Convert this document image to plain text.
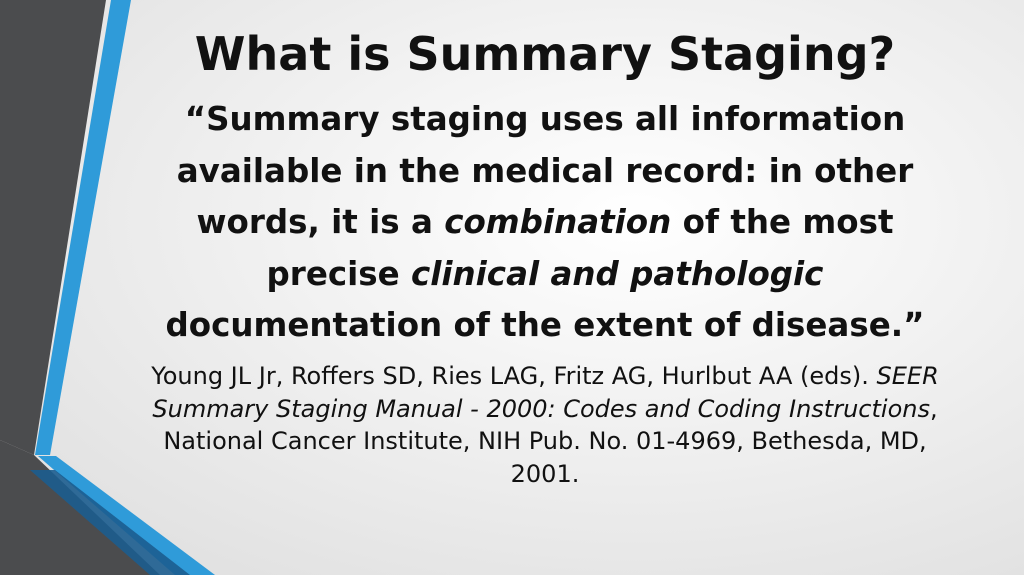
What is Summary Staging?

“Summary staging uses all information available in the medical record: in other words, it is a combination of the most precise clinical and pathologic documentation of the extent of disease.”

Young JL Jr, Roffers SD, Ries LAG, Fritz AG, Hurlbut AA (eds). SEER Summary Staging Manual - 2000: Codes and Coding Instructions, National Cancer Institute, NIH Pub. No. 01-4969, Bethesda, MD, 2001.
